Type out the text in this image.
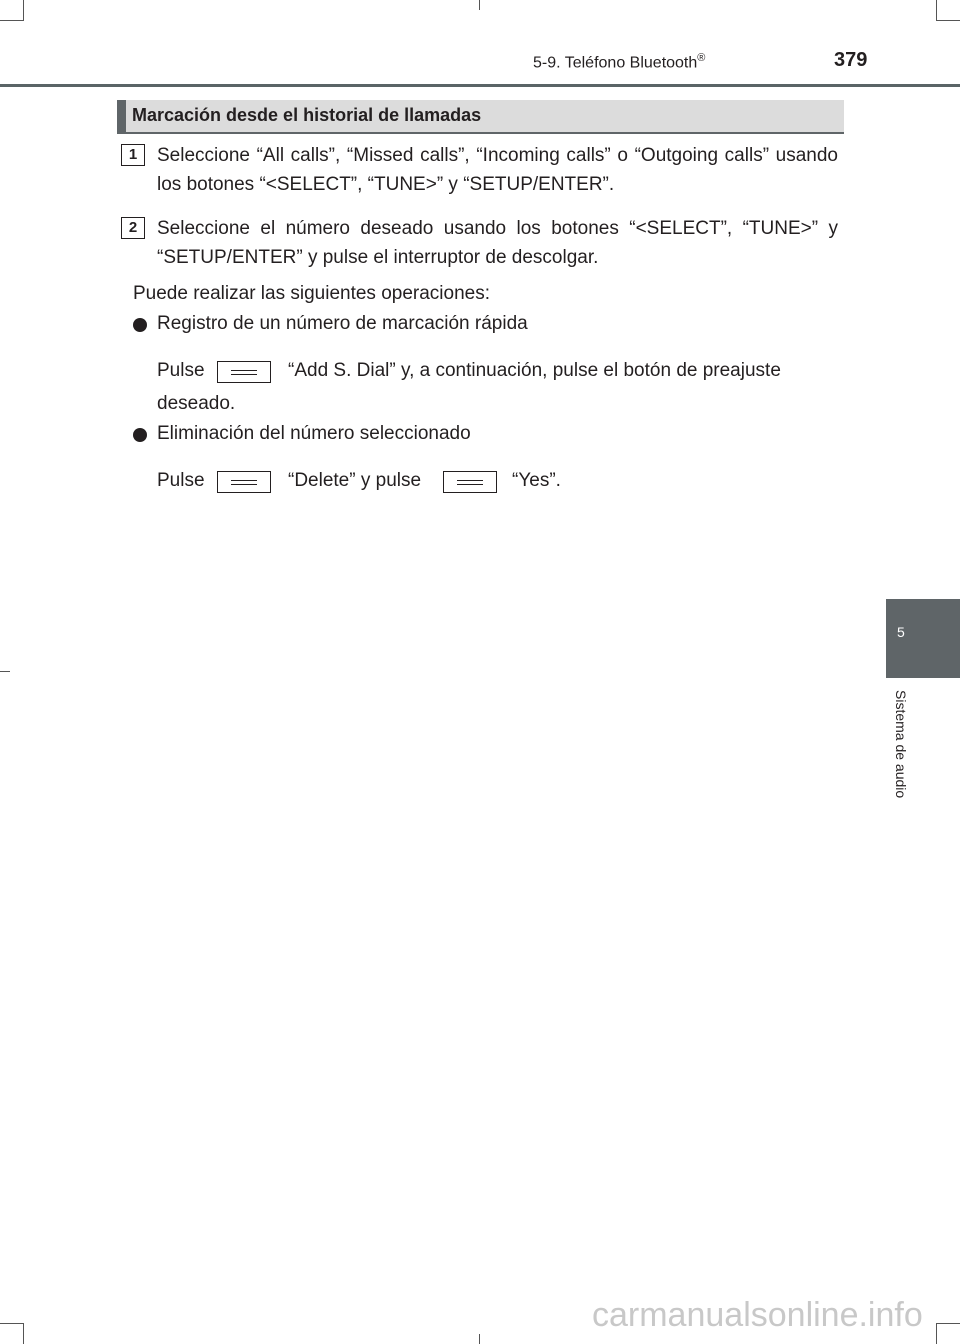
5-9. Teléfono Bluetooth®	379
5
Sistema de audio
Marcación desde el historial de llamadas
1	Seleccione “All calls”, “Missed calls”, “Incoming calls” o “Outgoing calls” usando los botones “<SELECT”, “TUNE>” y “SETUP/ENTER”.
2	Seleccione el número deseado usando los botones “<SELECT”, “TUNE>” y “SETUP/ENTER” y pulse el interruptor de descolgar.
Puede realizar las siguientes operaciones:
Registro de un número de marcación rápida
Pulse	“Add S. Dial” y, a continuación, pulse el botón de preajuste
deseado.
Eliminación del número seleccionado
Pulse	“Delete” y pulse	“Yes”.
carmanualsonline.info
